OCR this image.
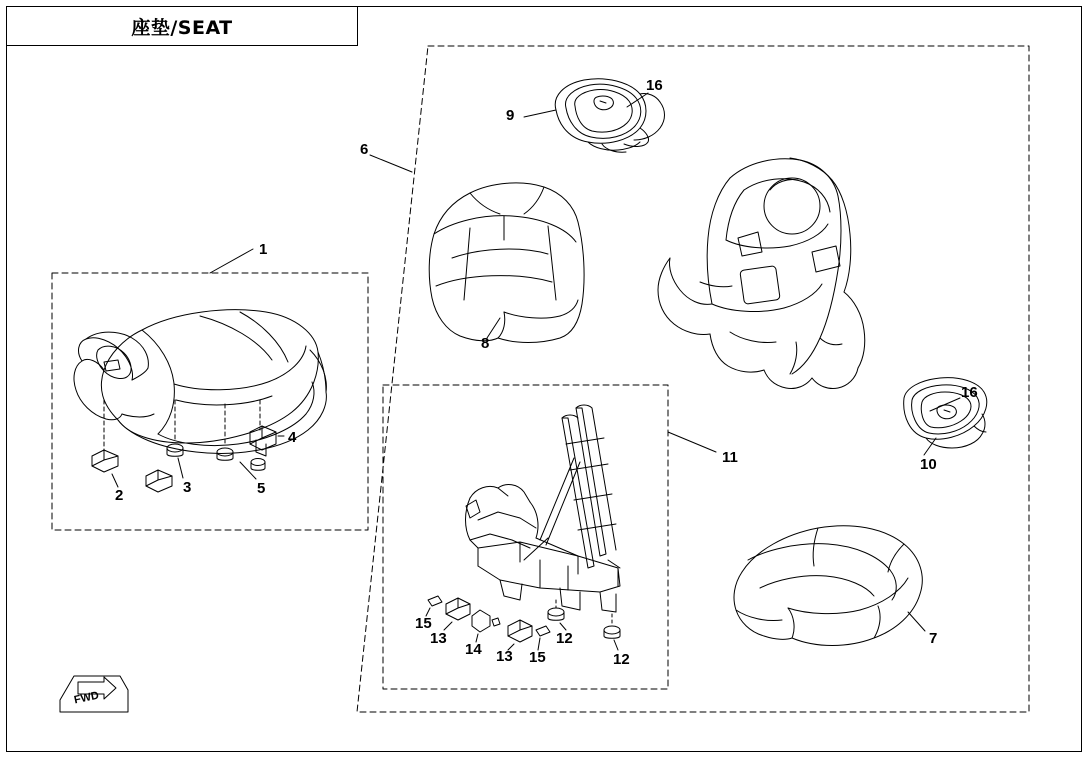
座垫/SEAT
1
2	3
4
5
6
7
8
9
10
11
12
12
13
13
14
15
15
16
16
FWD
